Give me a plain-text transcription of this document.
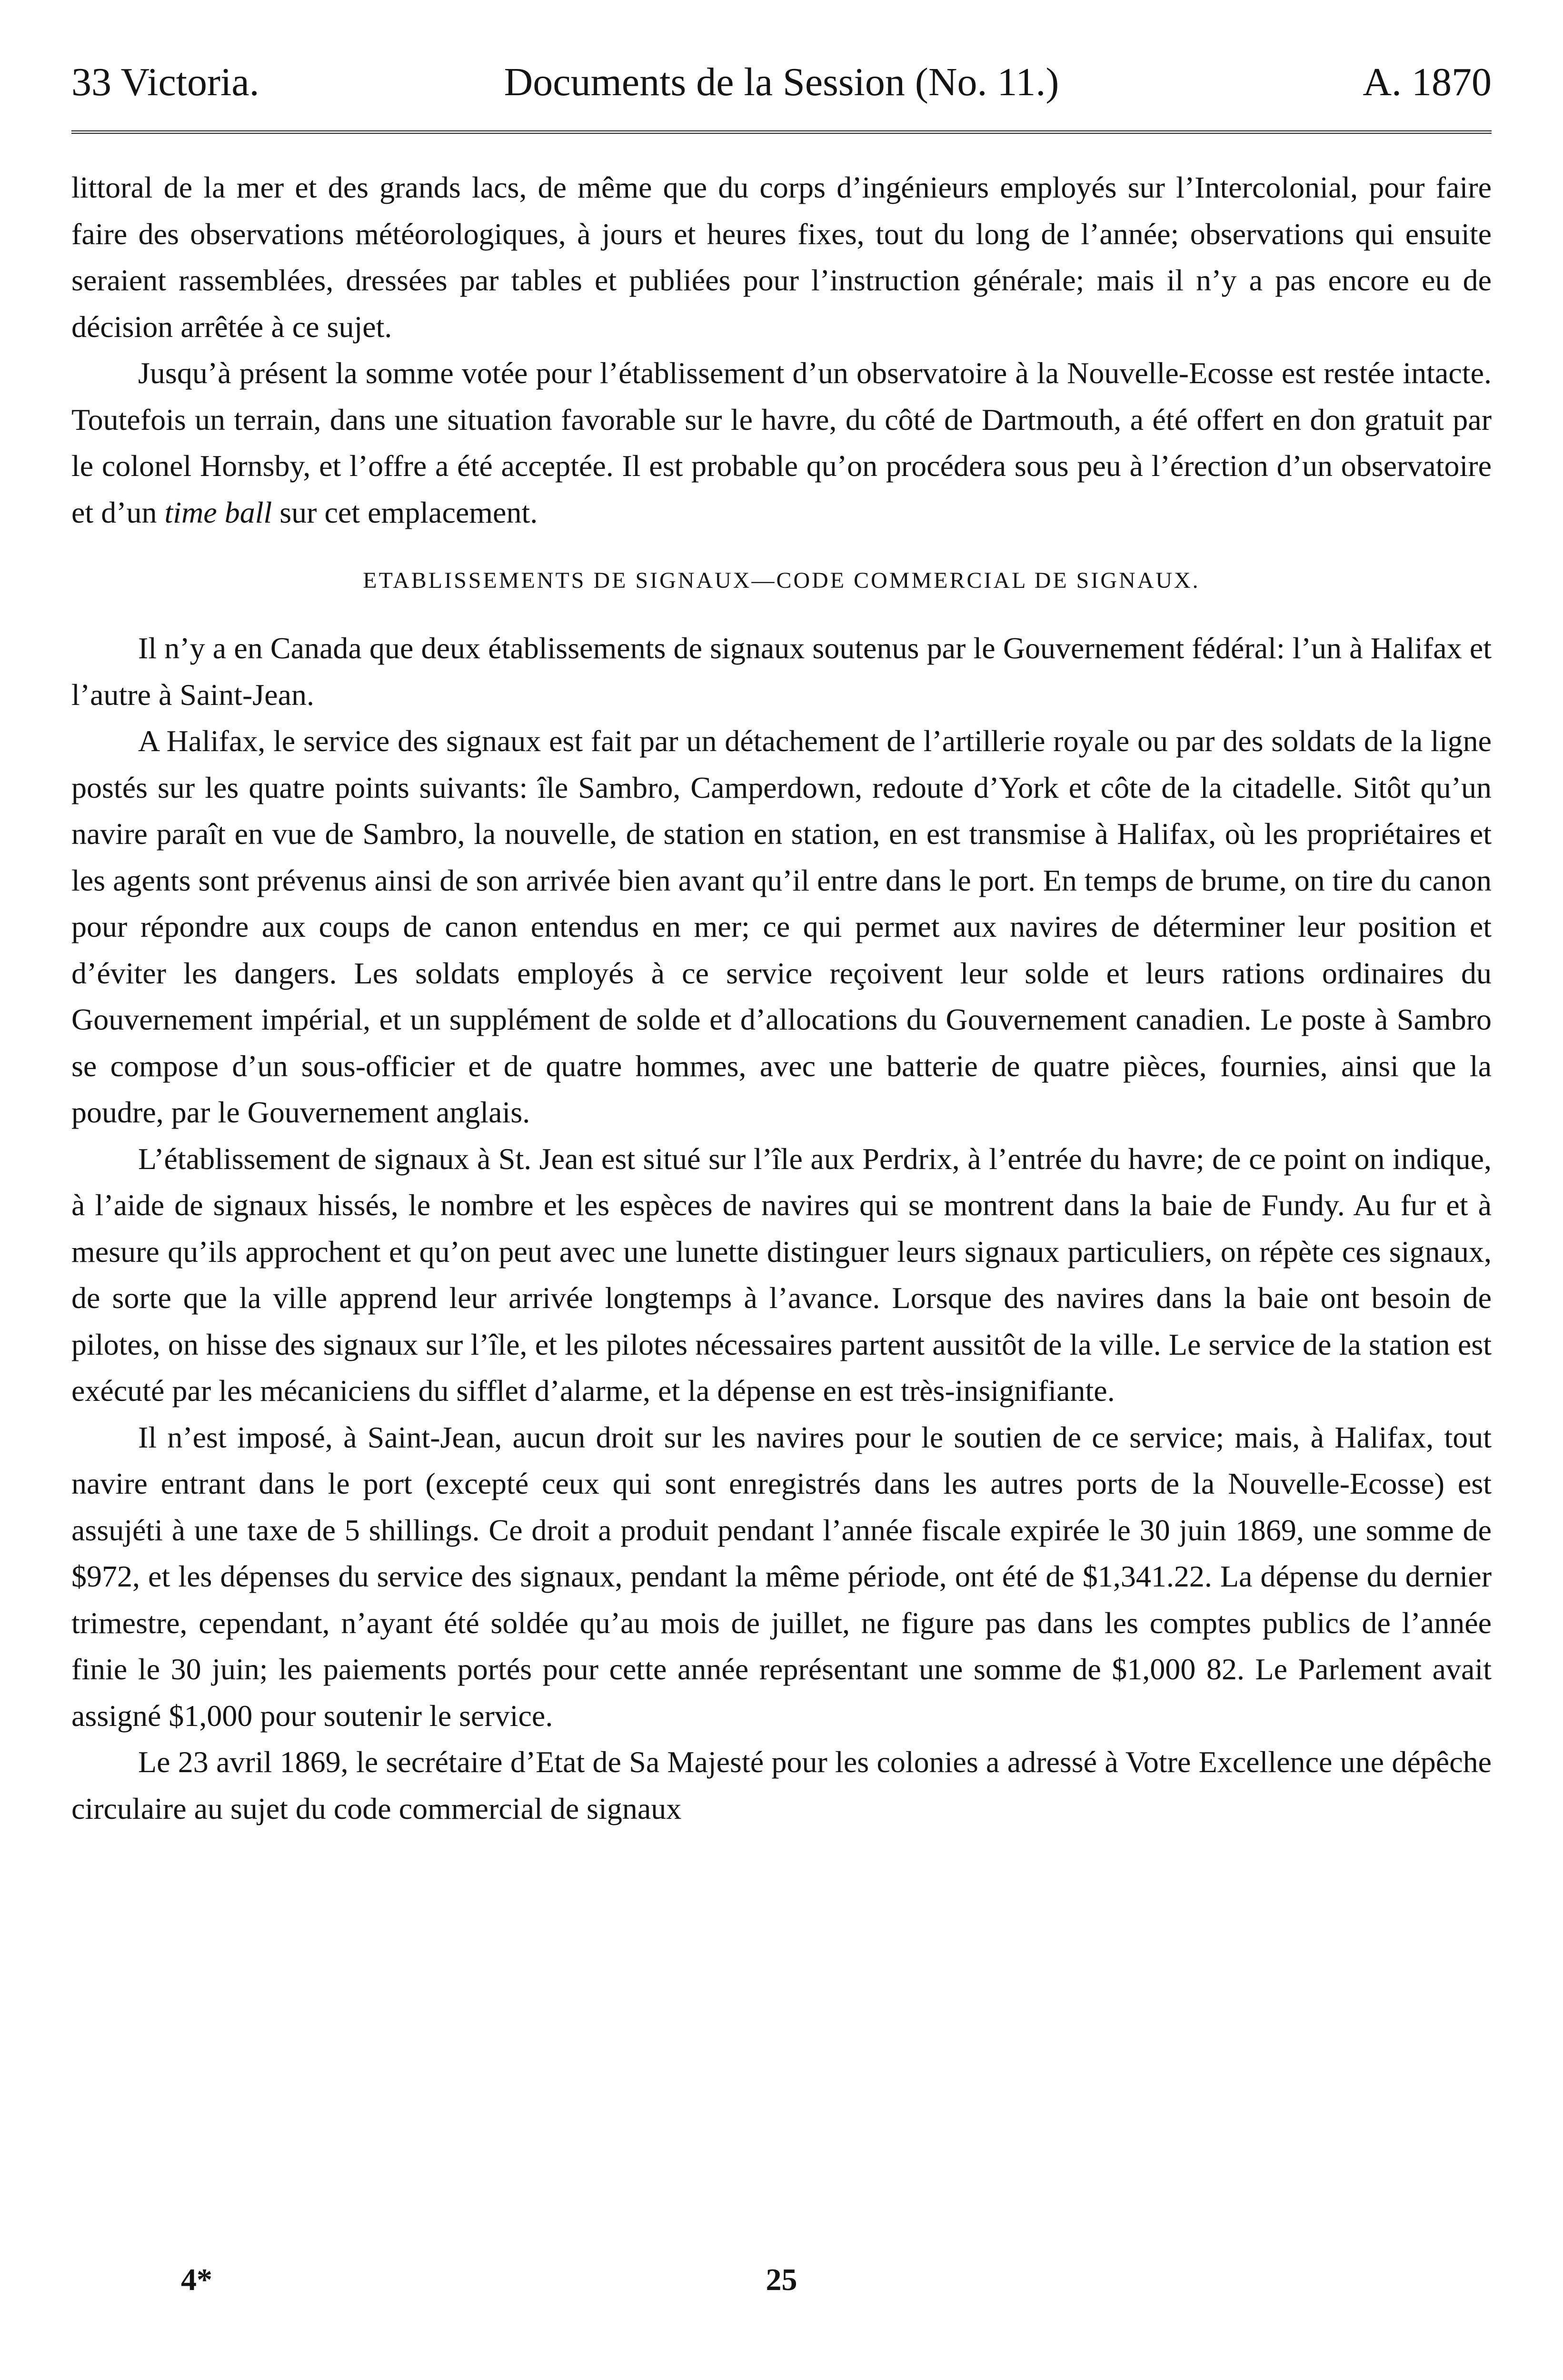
33 Victoria.	Documents de la Session (No. 11.)	A. 1870

littoral de la mer et des grands lacs, de même que du corps d’ingénieurs employés sur l’Intercolonial, pour faire faire des observations météorologiques, à jours et heures fixes, tout du long de l’année; observations qui ensuite seraient rassemblées, dressées par tables et publiées pour l’instruction générale; mais il n’y a pas encore eu de décision arrêtée à ce sujet.

Jusqu’à présent la somme votée pour l’établissement d’un observatoire à la Nouvelle-Ecosse est restée intacte. Toutefois un terrain, dans une situation favorable sur le havre, du côté de Dartmouth, a été offert en don gratuit par le colonel Hornsby, et l’offre a été acceptée. Il est probable qu’on procédera sous peu à l’érection d’un observatoire et d’un time ball sur cet emplacement.

ETABLISSEMENTS DE SIGNAUX—CODE COMMERCIAL DE SIGNAUX.

Il n’y a en Canada que deux établissements de signaux soutenus par le Gouvernement fédéral: l’un à Halifax et l’autre à Saint-Jean.

A Halifax, le service des signaux est fait par un détachement de l’artillerie royale ou par des soldats de la ligne postés sur les quatre points suivants: île Sambro, Camperdown, redoute d’York et côte de la citadelle. Sitôt qu’un navire paraît en vue de Sambro, la nouvelle, de station en station, en est transmise à Halifax, où les propriétaires et les agents sont prévenus ainsi de son arrivée bien avant qu’il entre dans le port. En temps de brume, on tire du canon pour répondre aux coups de canon entendus en mer; ce qui permet aux navires de déterminer leur position et d’éviter les dangers. Les soldats employés à ce service reçoivent leur solde et leurs rations ordinaires du Gouvernement impérial, et un supplément de solde et d’allocations du Gouvernement canadien. Le poste à Sambro se compose d’un sous-officier et de quatre hommes, avec une batterie de quatre pièces, fournies, ainsi que la poudre, par le Gouvernement anglais.

L’établissement de signaux à St. Jean est situé sur l’île aux Perdrix, à l’entrée du havre; de ce point on indique, à l’aide de signaux hissés, le nombre et les espèces de navires qui se montrent dans la baie de Fundy. Au fur et à mesure qu’ils approchent et qu’on peut avec une lunette distinguer leurs signaux particuliers, on répète ces signaux, de sorte que la ville apprend leur arrivée longtemps à l’avance. Lorsque des navires dans la baie ont besoin de pilotes, on hisse des signaux sur l’île, et les pilotes nécessaires partent aussitôt de la ville. Le service de la station est exécuté par les mécaniciens du sifflet d’alarme, et la dépense en est très-insignifiante.

Il n’est imposé, à Saint-Jean, aucun droit sur les navires pour le soutien de ce service; mais, à Halifax, tout navire entrant dans le port (excepté ceux qui sont enregistrés dans les autres ports de la Nouvelle-Ecosse) est assujéti à une taxe de 5 shillings. Ce droit a produit pendant l’année fiscale expirée le 30 juin 1869, une somme de $972, et les dépenses du service des signaux, pendant la même période, ont été de $1,341.22. La dépense du dernier trimestre, cependant, n’ayant été soldée qu’au mois de juillet, ne figure pas dans les comptes publics de l’année finie le 30 juin; les paiements portés pour cette année représentant une somme de $1,000 82. Le Parlement avait assigné $1,000 pour soutenir le service.

Le 23 avril 1869, le secrétaire d’Etat de Sa Majesté pour les colonies a adressé à Votre Excellence une dépêche circulaire au sujet du code commercial de signaux

4*	25
